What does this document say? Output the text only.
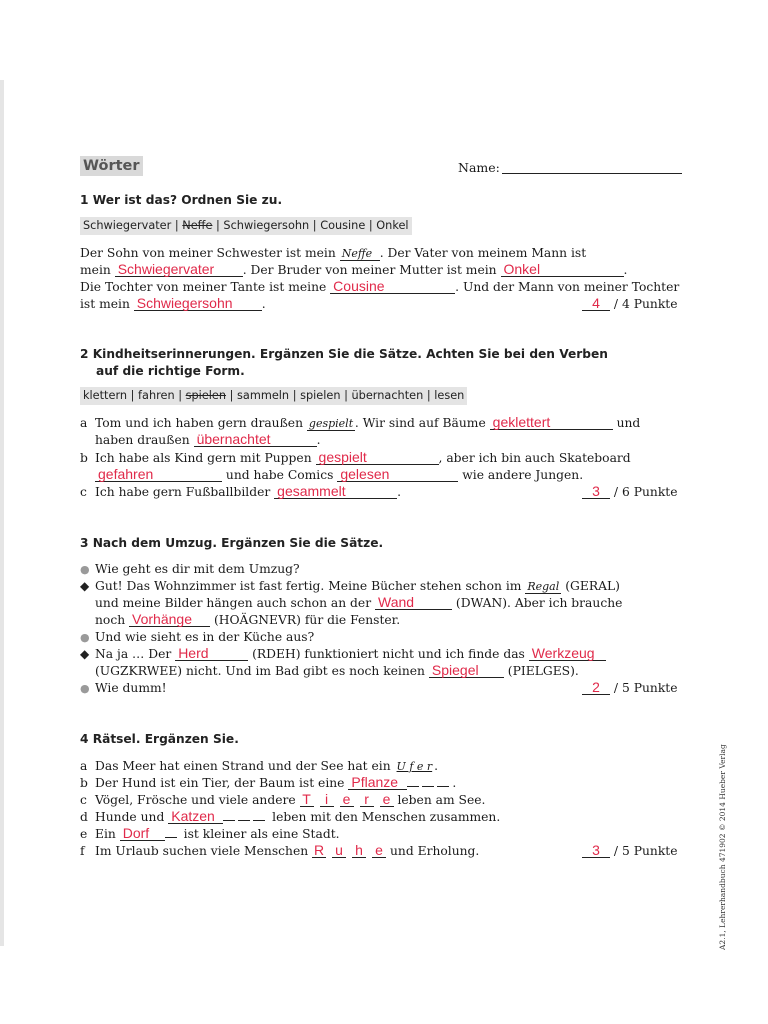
Wörter	Name:
1 Wer ist das? Ordnen Sie zu.
Schwiegervater | Neffe | Schwiegersohn | Cousine | Onkel
Der Sohn von meiner Schwester ist mein Neffe . Der Vater von meinem Mann ist
mein Schwiegervater . Der Bruder von meiner Mutter ist mein Onkel	.
Die Tochter von meiner Tante ist meine Cousine	. Und der Mann von meiner Tochter
ist mein Schwiegersohn .	4 / 4 Punkte
2 Kindheitserinnerungen. Ergänzen Sie die Sätze. Achten Sie bei den Verben
auf die richtige Form.
klettern | fahren | spielen | sammeln | spielen | übernachten | lesen
a Tom und ich haben gern draußen gespielt . Wir sind auf Bäume geklettert	und
haben draußen übernachtet	.
b Ich habe als Kind gern mit Puppen gespielt	, aber ich bin auch Skateboard
gefahren	und habe Comics gelesen	wie andere Jungen.
c Ich habe gern Fußballbilder gesammelt	.	3 / 6 Punkte
3 Nach dem Umzug. Ergänzen Sie die Sätze.
● Wie geht es dir mit dem Umzug?
◆ Gut! Das Wohnzimmer ist fast fertig. Meine Bücher stehen schon im Regal (GERAL)
und meine Bilder hängen auch schon an der Wand	(DWAN). Aber ich brauche
noch Vorhänge (HOÄGNEVR) für die Fenster.
● Und wie sieht es in der Küche aus?
◆ Na ja … Der Herd	(RDEH) funktioniert nicht und ich finde das Werkzeug
(UGZKRWEE) nicht. Und im Bad gibt es noch keinen Spiegel (PIELGES).
● Wie dumm!	2 / 5 Punkte
4 Rätsel. Ergänzen Sie.
a Das Meer hat einen Strand und der See hat ein U f e r .
b Der Hund ist ein Tier, der Baum ist eine Pflanze	.
c Vögel, Frösche und viele andere T i e r e leben am See.
d Hunde und Katzen	leben mit den Menschen zusammen.
e Ein Dorf ist kleiner als eine Stadt.
f Im Urlaub suchen viele Menschen R u h e und Erholung.	3 / 5 Punkte	A2.1, Lehrerhandbuch 471902 © 2014 Hueber Verlag
